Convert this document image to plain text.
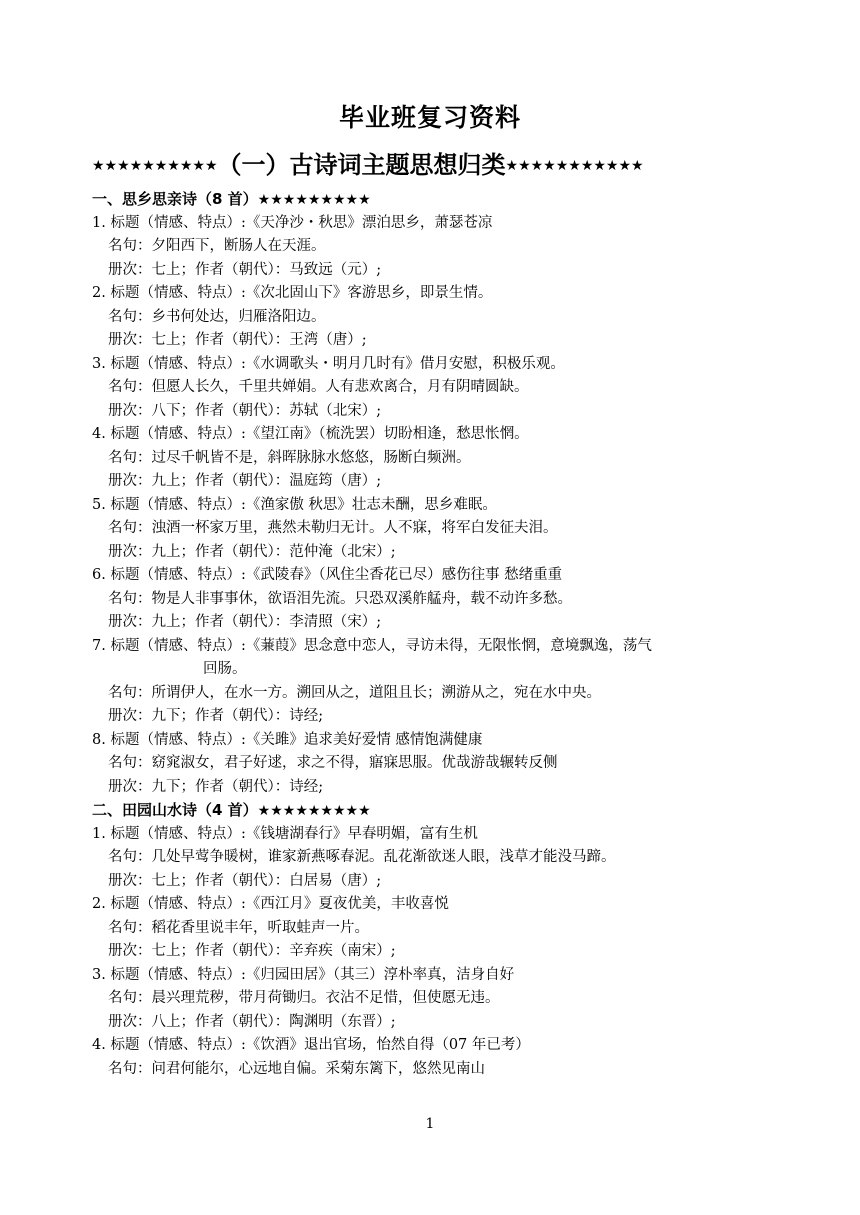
毕业班复习资料
★★★★★★★★★★（一）古诗词主题思想归类★★★★★★★★★★★
一、思乡思亲诗（8 首）★★★★★★★★★
1. 标题（情感、特点）:《天净沙・秋思》漂泊思乡，萧瑟苍凉
名句：夕阳西下，断肠人在天涯。
册次：七上；作者（朝代）：马致远（元）;
2. 标题（情感、特点）:《次北固山下》客游思乡，即景生情。
名句：乡书何处达，归雁洛阳边。
册次：七上；作者（朝代）：王湾（唐）;
3. 标题（情感、特点）:《水调歌头・明月几时有》借月安慰，积极乐观。
名句：但愿人长久，千里共婵娟。人有悲欢离合，月有阴晴圆缺。
册次：八下；作者（朝代）：苏轼（北宋）;
4. 标题（情感、特点）:《望江南》（梳洗罢）切盼相逢，愁思怅惘。
名句：过尽千帆皆不是，斜晖脉脉水悠悠，肠断白频洲。
册次：九上；作者（朝代）：温庭筠（唐）;
5. 标题（情感、特点）:《渔家傲 秋思》壮志未酬，思乡难眠。
名句：浊酒一杯家万里，燕然未勒归无计。人不寐，将军白发征夫泪。
册次：九上；作者（朝代）：范仲淹（北宋）;
6. 标题（情感、特点）:《武陵春》（风住尘香花已尽）感伤往事 愁绪重重
名句：物是人非事事休，欲语泪先流。只恐双溪舴艋舟，载不动许多愁。
册次：九上；作者（朝代）：李清照（宋）;
7. 标题（情感、特点）:《蒹葭》思念意中恋人，寻访未得，无限怅惘，意境飘逸，荡气
回肠。
名句：所谓伊人，在水一方。溯回从之，道阻且长；溯游从之，宛在水中央。
册次：九下；作者（朝代）：诗经;
8. 标题（情感、特点）:《关雎》追求美好爱情 感情饱满健康
名句：窈窕淑女，君子好逑，求之不得，寤寐思服。优哉游哉辗转反侧
册次：九下；作者（朝代）：诗经;
二、田园山水诗（4 首）★★★★★★★★★
1. 标题（情感、特点）:《钱塘湖春行》早春明媚，富有生机
名句：几处早莺争暖树，谁家新燕啄春泥。乱花渐欲迷人眼，浅草才能没马蹄。
册次：七上；作者（朝代）：白居易（唐）;
2. 标题（情感、特点）:《西江月》夏夜优美，丰收喜悦
名句：稻花香里说丰年，听取蛙声一片。
册次：七上；作者（朝代）：辛弃疾（南宋）;
3. 标题（情感、特点）:《归园田居》（其三）淳朴率真，洁身自好
名句：晨兴理荒秽，带月荷锄归。衣沾不足惜，但使愿无违。
册次：八上；作者（朝代）：陶渊明（东晋）;
4. 标题（情感、特点）:《饮酒》退出官场，怡然自得（07 年已考）
名句：问君何能尔，心远地自偏。采菊东篱下，悠然见南山
1
